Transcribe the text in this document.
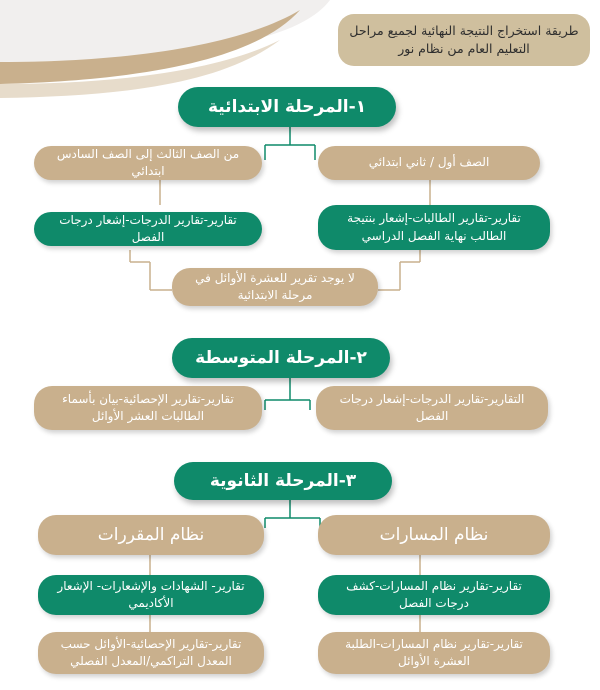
طريقة استخراج النتيجة النهائية لجميع مراحل التعليم العام من نظام نور
١-المرحلة الابتدائية
الصف أول / ثاني ابتدائي
من الصف الثالث إلى الصف السادس ابتدائي
تقارير-تقارير الطالبات-إشعار بنتيجة الطالب نهاية الفصل الدراسي
تقارير-تقارير الدرجات-إشعار درجات الفصل
لا يوجد تقرير للعشرة الأوائل في مرحلة الابتدائية
٢-المرحلة المتوسطة
التقارير-تقارير الدرجات-إشعار درجات الفصل
تقارير-تقارير الإحصائية-بيان بأسماء الطالبات العشر الأوائل
٣-المرحلة الثانوية
نظام المسارات
نظام المقررات
تقارير-تقارير نظام المسارات-كشف درجات الفصل
تقارير- الشهادات والإشعارات- الإشعار الأكاديمي
تقارير-تقارير نظام المسارات-الطلبة العشرة الأوائل
تقارير-تقارير الإحصائية-الأوائل حسب المعدل التراكمي/المعدل الفصلي
